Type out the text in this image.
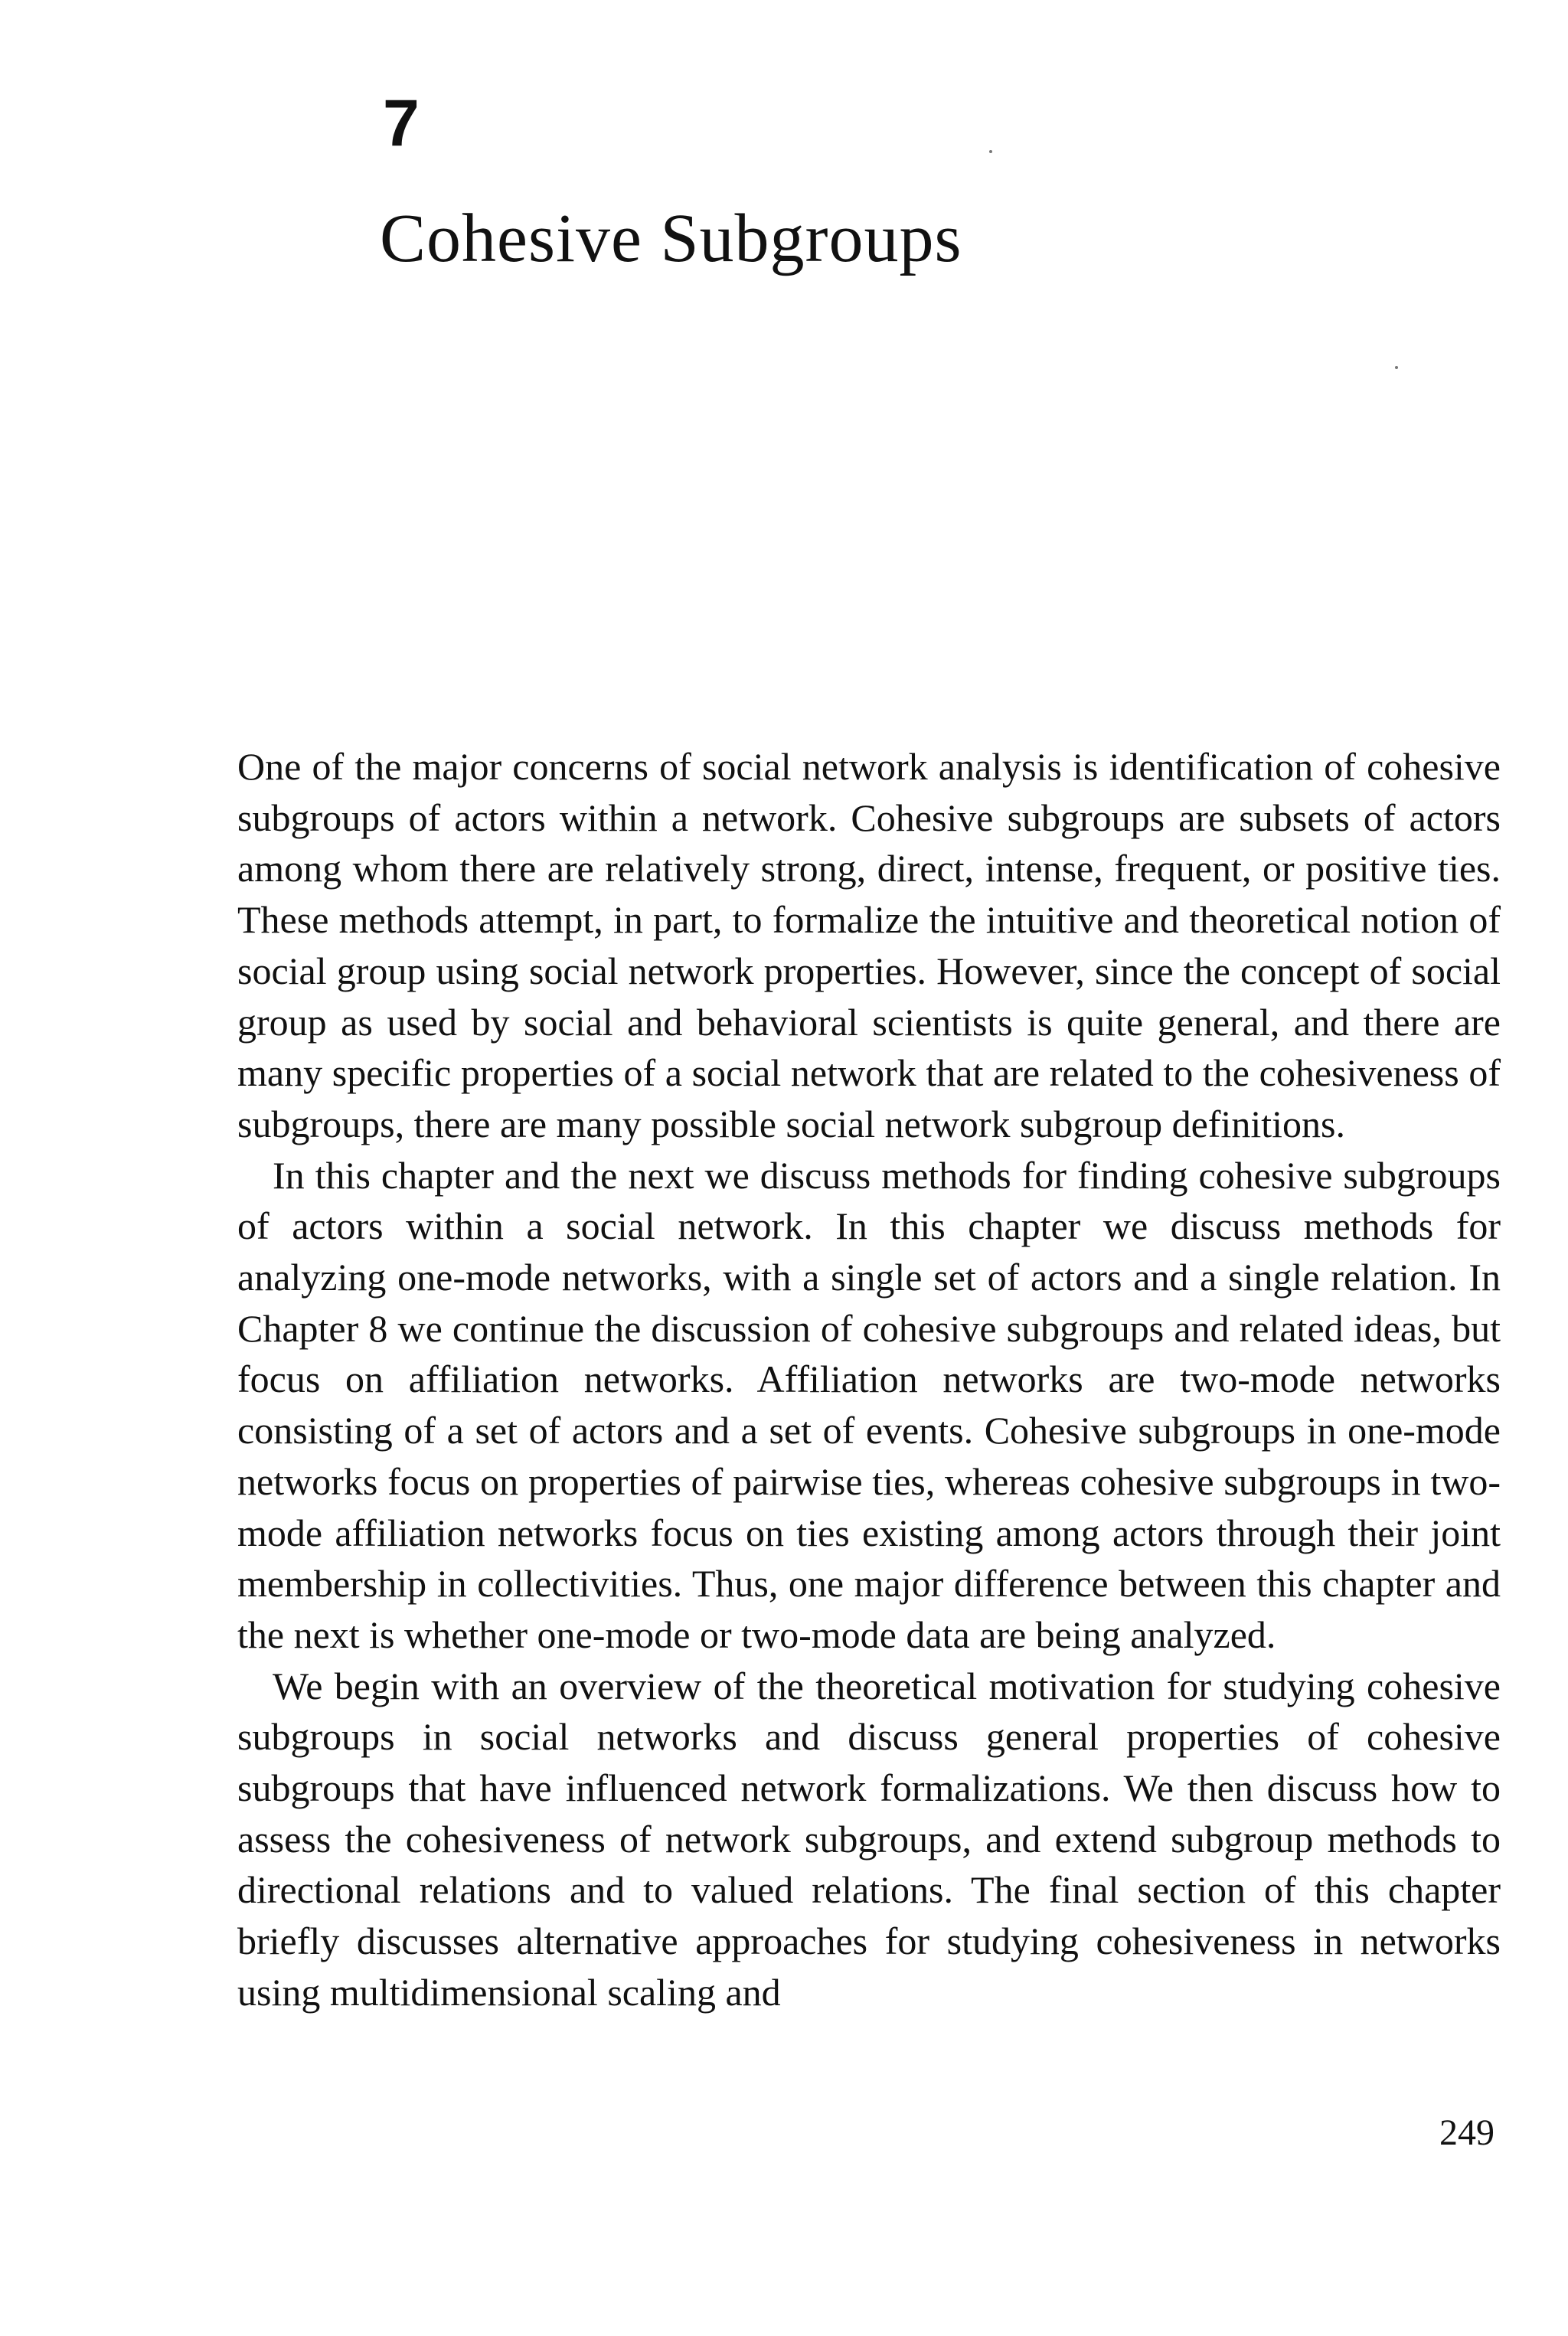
7
Cohesive Subgroups

One of the major concerns of social network analysis is identification of cohesive subgroups of actors within a network. Cohesive subgroups are subsets of actors among whom there are relatively strong, direct, intense, frequent, or positive ties. These methods attempt, in part, to formalize the intuitive and theoretical notion of social group using social network properties. However, since the concept of social group as used by social and behavioral scientists is quite general, and there are many specific properties of a social network that are related to the cohesiveness of subgroups, there are many possible social network subgroup definitions.

In this chapter and the next we discuss methods for finding cohesive subgroups of actors within a social network. In this chapter we discuss methods for analyzing one-mode networks, with a single set of actors and a single relation. In Chapter 8 we continue the discussion of cohesive subgroups and related ideas, but focus on affiliation networks. Affiliation networks are two-mode networks consisting of a set of actors and a set of events. Cohesive subgroups in one-mode networks focus on properties of pairwise ties, whereas cohesive subgroups in two-mode affiliation networks focus on ties existing among actors through their joint membership in collectivities. Thus, one major difference between this chapter and the next is whether one-mode or two-mode data are being analyzed.

We begin with an overview of the theoretical motivation for studying cohesive subgroups in social networks and discuss general properties of cohesive subgroups that have influenced network formalizations. We then discuss how to assess the cohesiveness of network subgroups, and extend subgroup methods to directional relations and to valued relations. The final section of this chapter briefly discusses alternative approaches for studying cohesiveness in networks using multidimensional scaling and

249
